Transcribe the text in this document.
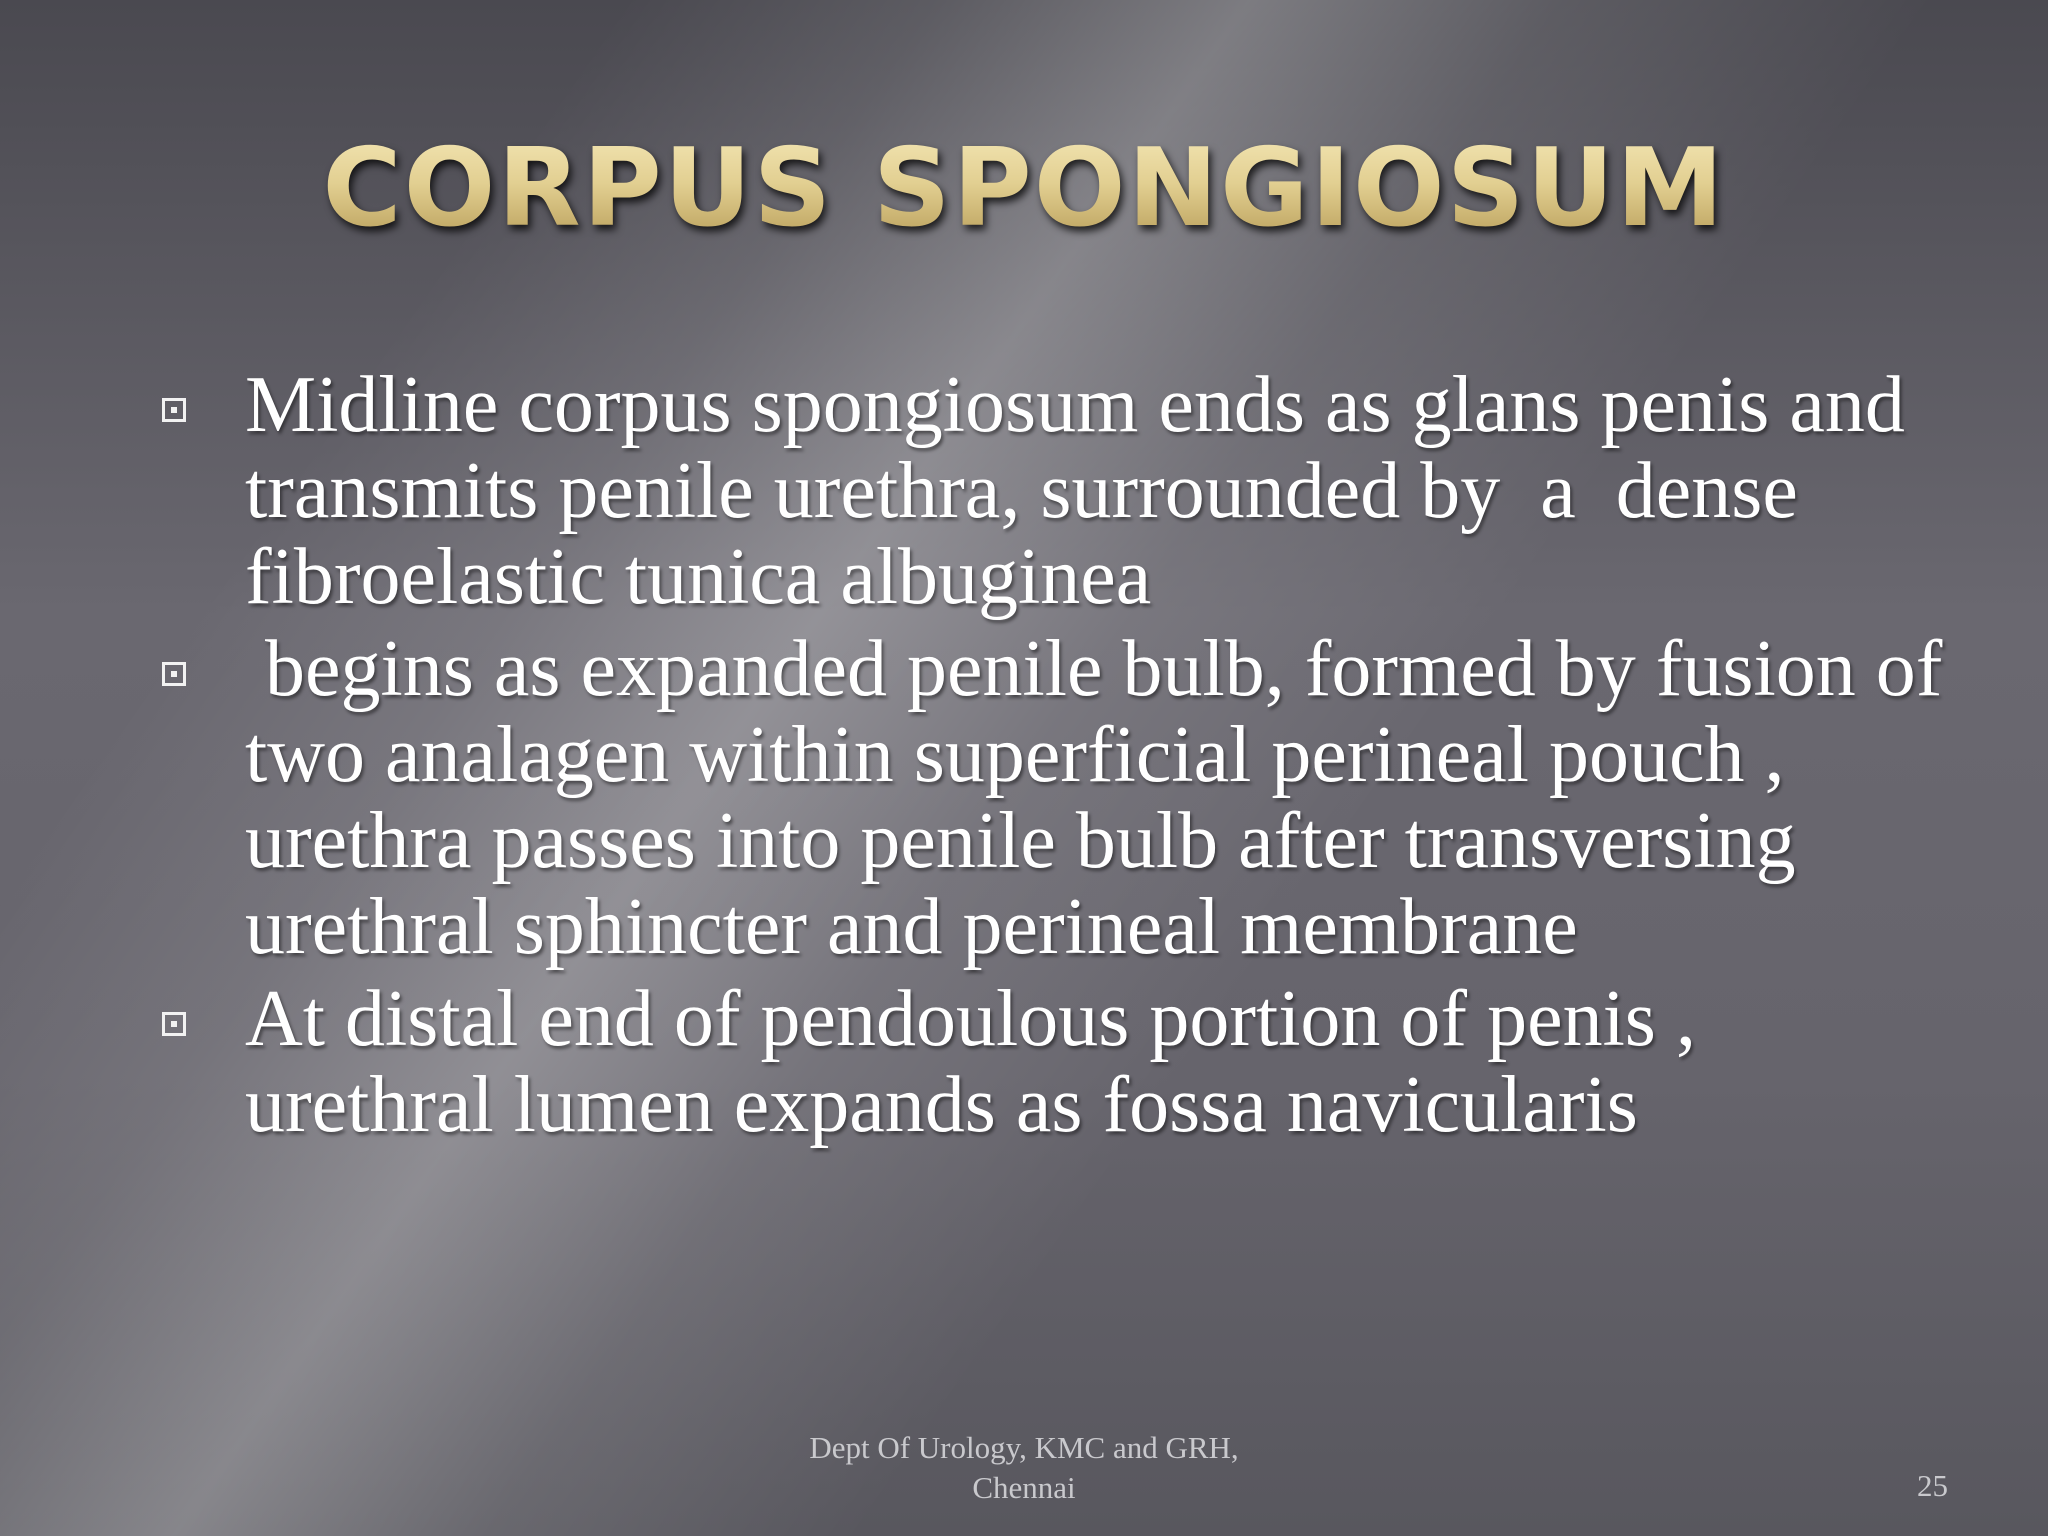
CORPUS SPONGIOSUM
Midline corpus spongiosum ends as glans penis and transmits penile urethra, surrounded by  a  dense fibroelastic tunica albuginea
begins as expanded penile bulb, formed by fusion of two analagen within superficial perineal pouch , urethra passes into penile bulb after transversing urethral sphincter and perineal membrane
At distal end of pendoulous portion of penis , urethral lumen expands as fossa navicularis
Dept Of Urology, KMC and GRH,
Chennai	25
